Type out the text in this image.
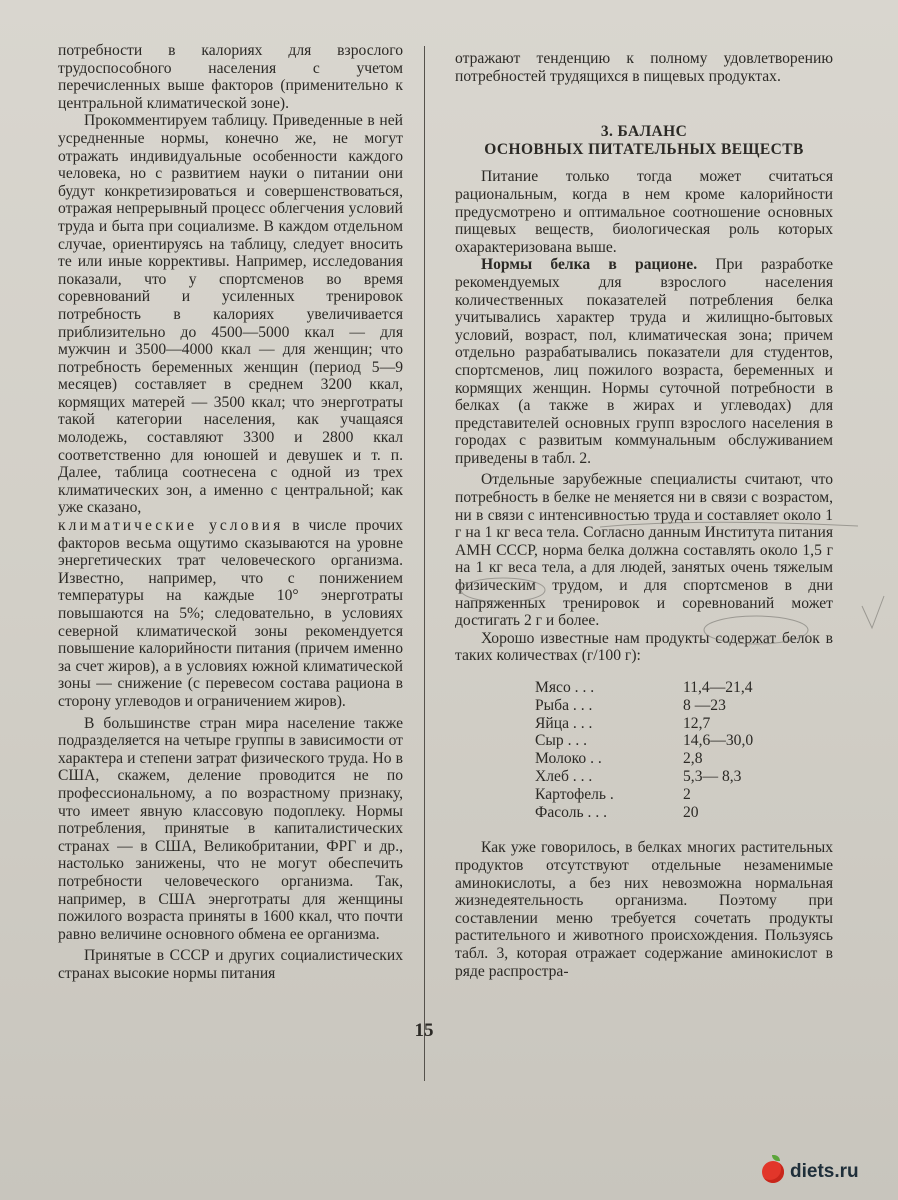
потребности в калориях для взрослого трудоспособного населения с учетом перечисленных выше факторов (применительно к центральной климатической зоне).

Прокомментируем таблицу. Приведенные в ней усредненные нормы, конечно же, не могут отражать индивидуальные особенности каждого человека, но с развитием науки о питании они будут конкретизироваться и совершенствоваться, отражая непрерывный процесс облегчения условий труда и быта при социализме. В каждом отдельном случае, ориентируясь на таблицу, следует вносить те или иные коррективы. Например, исследования показали, что у спортсменов во время соревнований и усиленных тренировок потребность в калориях увеличивается приблизительно до 4500—5000 ккал — для мужчин и 3500—4000 ккал — для женщин; что потребность беременных женщин (период 5—9 месяцев) составляет в среднем 3200 ккал, кормящих матерей — 3500 ккал; что энерготраты такой категории населения, как учащаяся молодежь, составляют 3300 и 2800 ккал соответственно для юношей и девушек и т. п. Далее, таблица соотнесена с одной из трех климатических зон, а именно с центральной; как уже сказано,

климатические условия в числе прочих факторов весьма ощутимо сказываются на уровне энергетических трат человеческого организма. Известно, например, что с понижением температуры на каждые 10° энерготраты повышаются на 5%; следовательно, в условиях северной климатической зоны рекомендуется повышение калорийности питания (причем именно за счет жиров), а в условиях южной климатической зоны — снижение (с перевесом состава рациона в сторону углеводов и ограничением жиров).

В большинстве стран мира население также подразделяется на четыре группы в зависимости от характера и степени затрат физического труда. Но в США, скажем, деление проводится не по профессиональному, а по возрастному признаку, что имеет явную классовую подоплеку. Нормы потребления, принятые в капиталистических странах — в США, Великобритании, ФРГ и др., настолько занижены, что не могут обеспечить потребности человеческого организма. Так, например, в США энерготраты для женщины пожилого возраста приняты в 1600 ккал, что почти равно величине основного обмена ее организма.

Принятые в СССР и других социалистических странах высокие нормы питания

отражают тенденцию к полному удовлетворению потребностей трудящихся в пищевых продуктах.

3. БАЛАНС

ОСНОВНЫХ ПИТАТЕЛЬНЫХ ВЕЩЕСТВ

Питание только тогда может считаться рациональным, когда в нем кроме калорийности предусмотрено и оптимальное соотношение основных пищевых веществ, биологическая роль которых охарактеризована выше.

Нормы белка в рационе. При разработке рекомендуемых для взрослого населения количественных показателей потребления белка учитывались характер труда и жилищно-бытовых условий, возраст, пол, климатическая зона; причем отдельно разрабатывались показатели для студентов, спортсменов, лиц пожилого возраста, беременных и кормящих женщин. Нормы суточной потребности в белках (а также в жирах и углеводах) для представителей основных групп взрослого населения в городах с развитым коммунальным обслуживанием приведены в табл. 2.

Отдельные зарубежные специалисты считают, что потребность в белке не меняется ни в связи с возрастом, ни в связи с интенсивностью труда и составляет около 1 г на 1 кг веса тела. Согласно данным Института питания АМН СССР, норма белка должна составлять около 1,5 г на 1 кг веса тела, а для людей, занятых очень тяжелым физическим трудом, и для спортсменов в дни напряженных тренировок и соревнований может достигать 2 г и более.

Хорошо известные нам продукты содержат белок в таких количествах (г/100 г):

Мясо . . .	11,4—21,4
Рыба . . .	8 —23
Яйца . . .	12,7
Сыр . . .	14,6—30,0
Молоко . .	2,8
Хлеб . . .	5,3— 8,3
Картофель .	2
Фасоль . . .	20

Как уже говорилось, в белках многих растительных продуктов отсутствуют отдельные незаменимые аминокислоты, а без них невозможна нормальная жизнедеятельность организма. Поэтому при составлении меню требуется сочетать продукты растительного и животного происхождения. Пользуясь табл. 3, которая отражает содержание аминокислот в ряде распростра-

15
diets.ru
